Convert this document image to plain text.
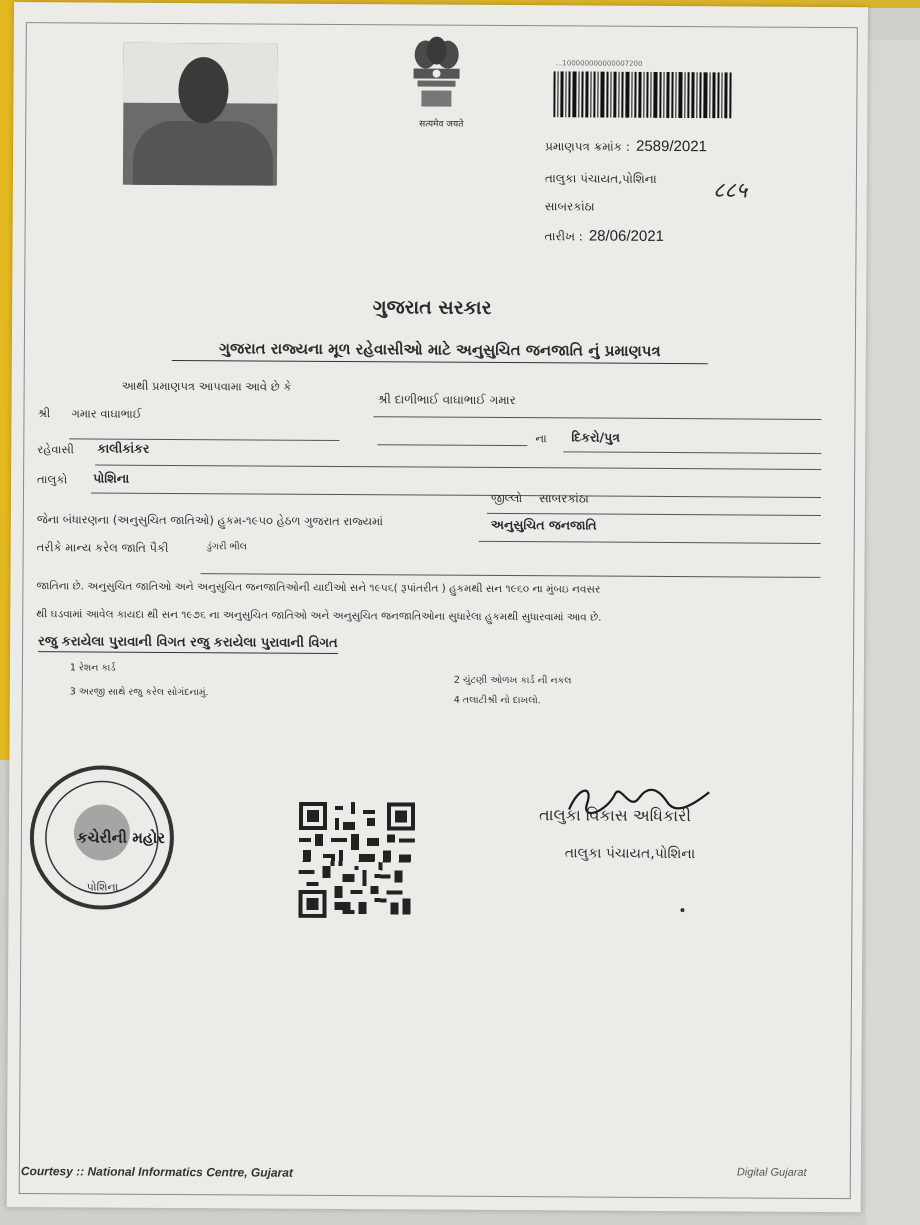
सत्यमेव जयते
...100000000000007200
પ્રમાણપત્ર ક્રમાંક : 2589/2021
તાલુકા પંચાયત,પોશિના	८८५
સાબરકાંઠા
તારીખ : 28/06/2021
ગુજરાત સરકાર
ગુજરાત રાજ્યના મૂળ રહેવાસીઓ માટે અનુસુચિત જનજાતિ નું પ્રમાણપત્ર
આથી પ્રમાણપત્ર આપવામા આવે છે કે
શ્રી દાળીભાઈ વાઘાભાઈ ગમાર
શ્રી ગમાર વાઘાભાઈ
ના દિકરો/પુત્ર
રહેવાસી કાલીકાંકર
તાલુકો પોશિના
જીલ્લો સાબરકાંઠા
જેના બંધારણના (અનુસુચિત જાતિઓ) હુકમ-૧૯૫૦ હેઠળ ગુજરાત રાજ્યમાં	અનુસુચિત જનજાતિ
તરીકે માન્ય કરેલ જાતિ પૈકી	ડુંગરી ભીલ
જાતિના છે. અનુસુચિત જાતિઓ અને અનુસુચિત જનજાતિઓની યાદીઓ સને ૧૯૫૬( રૂપાંતરીત ) હુકમથી સન ૧૯૬૦ ના મુંબઇ નવસર
થી ઘડવામાં આવેલ કાયદા થી સન ૧૯૭૬ ના અનુસુચિત જાતિઓ અને અનુસુચિત જનજાતિઓના સુધારેલા હુકમથી સુધારવામાં આવ છે.
રજુ કરાયેલા પુરાવાની વિગત રજુ કરાયેલા પુરાવાની વિગત
1 રેશન કાર્ડ
2 ચુંટણી ઓળખ કાર્ડ ની નકલ
3 અરજી સાથે રજુ કરેલ સોગંદનામું.
4 તલાટીશ્રી નો દાખલો.
કચેરીની મહોર
પોશિના
તાલુકા વિકાસ અધિકારી
તાલુકા પંચાયત,પોશિના
Courtesy :: National Informatics Centre, Gujarat	Digital Gujarat
